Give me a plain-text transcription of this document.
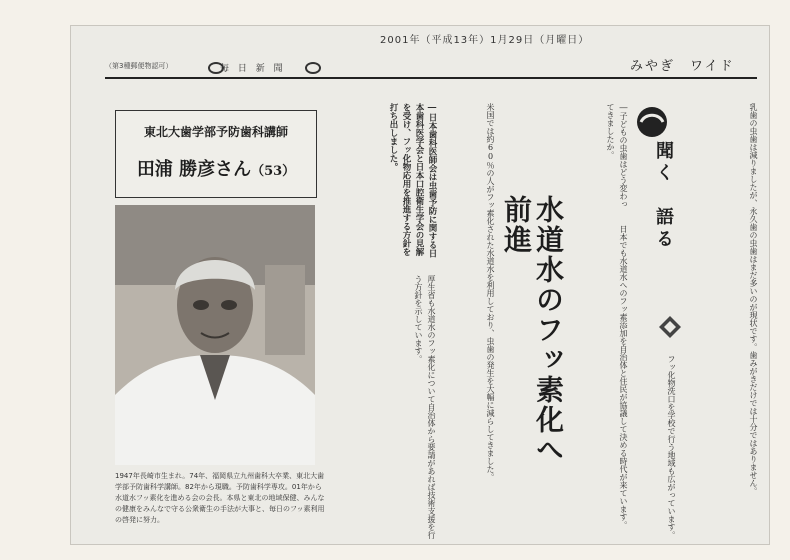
2001年（平成13年）1月29日（月曜日）
（第3種郵便物認可）	毎 日 新 聞	みやぎ　ワイド
東北大歯学部予防歯科講師
田浦 勝彦さん（53）
1947年長崎市生まれ。74年、福岡県立九州歯科大卒業、東北大歯学部予防歯科学講師。82年から現職。予防歯科学専攻。01年から水道水フッ素化を進める会の会長。本県と東北の地域保健、みんなの健康をみんなで守る公衆衛生の手法が大事と、毎日のフッ素利用の啓発に努力。
―日本歯科医師会は虫歯予防に関する日本歯科医学会と日本口腔衛生学会の見解を受け、フッ化物応用を推進する方針を打ち出しました。
厚生省も水道水のフッ素化について自治体から要請があれば技術支援を行う方針を示しています。	米国では約60％の人がフッ素化された水道水を利用しており、虫歯の発生を大幅に減らしてきました。	水道水のフッ素化へ
前進	日本でも水道水へのフッ素添加を自治体と住民が協議して決める時代が来ています。
―子どもの虫歯はどう変わってきましたか。
聞く　語る	乳歯の虫歯は減りましたが、永久歯の虫歯はまだ多いのが現状です。歯みがきだけでは十分ではありません。
フッ化物洗口を学校で行う地域も広がっています。
